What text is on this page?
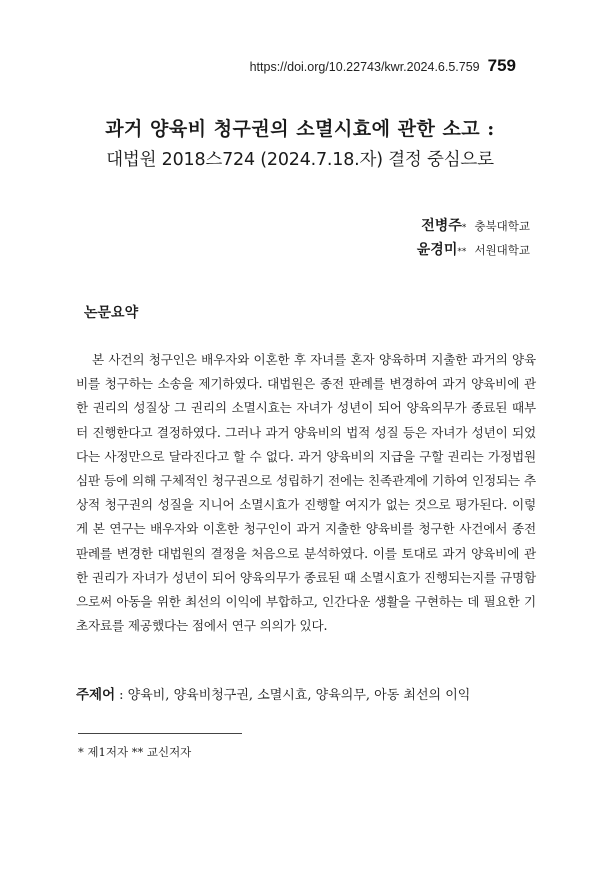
https://doi.org/10.22743/kwr.2024.6.5.759 759
과거 양육비 청구권의 소멸시효에 관한 소고 :
대법원 2018스724 (2024.7.18.자) 결정 중심으로
전병주* 충북대학교
윤경미** 서원대학교
논문요약

본 사건의 청구인은 배우자와 이혼한 후 자녀를 혼자 양육하며 지출한 과거의 양육비를 청구하는 소송을 제기하였다. 대법원은 종전 판례를 변경하여 과거 양육비에 관한 권리의 성질상 그 권리의 소멸시효는 자녀가 성년이 되어 양육의무가 종료된 때부터 진행한다고 결정하였다. 그러나 과거 양육비의 법적 성질 등은 자녀가 성년이 되었다는 사정만으로 달라진다고 할 수 없다. 과거 양육비의 지급을 구할 권리는 가정법원 심판 등에 의해 구체적인 청구권으로 성립하기 전에는 친족관계에 기하여 인정되는 추상적 청구권의 성질을 지니어 소멸시효가 진행할 여지가 없는 것으로 평가된다. 이렇게 본 연구는 배우자와 이혼한 청구인이 과거 지출한 양육비를 청구한 사건에서 종전 판례를 변경한 대법원의 결정을 처음으로 분석하였다. 이를 토대로 과거 양육비에 관한 권리가 자녀가 성년이 되어 양육의무가 종료된 때 소멸시효가 진행되는지를 규명함으로써 아동을 위한 최선의 이익에 부합하고, 인간다운 생활을 구현하는 데 필요한 기초자료를 제공했다는 점에서 연구 의의가 있다.

주제어 : 양육비, 양육비청구권, 소멸시효, 양육의무, 아동 최선의 이익
* 제1저자 ** 교신저자
